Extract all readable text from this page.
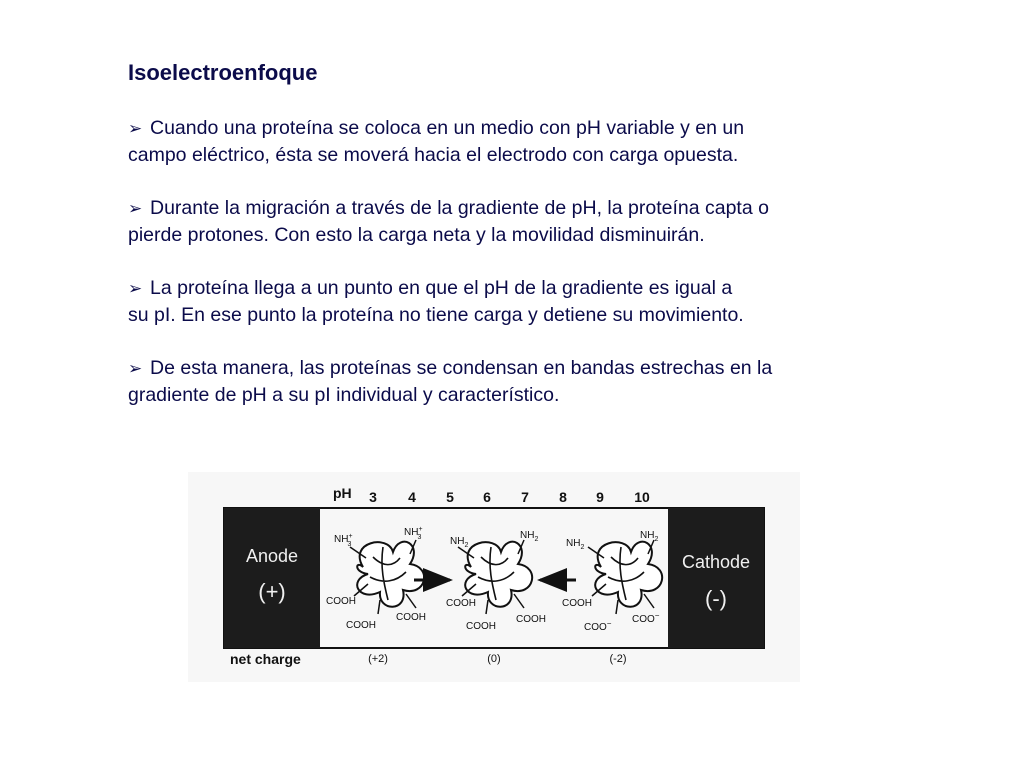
Isoelectroenfoque
➢ Cuando una proteína se coloca en un medio con pH variable y en un
campo eléctrico, ésta se moverá hacia el electrodo con carga opuesta.
➢ Durante la migración a través de la gradiente de pH, la proteína capta o
pierde protones. Con esto la carga neta y la movilidad disminuirán.
➢ La proteína llega a un punto en que el pH de la gradiente es igual a
su pI. En ese punto la proteína no tiene carga y detiene su movimiento.
➢ De esta manera, las proteínas se condensan en bandas estrechas en la
gradiente de pH a su pI individual y característico.
pH 3 4 5 6 7 8 9 10
Anode
(+)
Cathode
(-)
NH+ 3
NH+ 3
COOH
COOH
COOH
$NH_2$
$NH_2$
COOH
COOH
COOH
$NH_2$
$NH_2$
COOH
COO− COO−
net charge	(+2)	(0)	(-2)
